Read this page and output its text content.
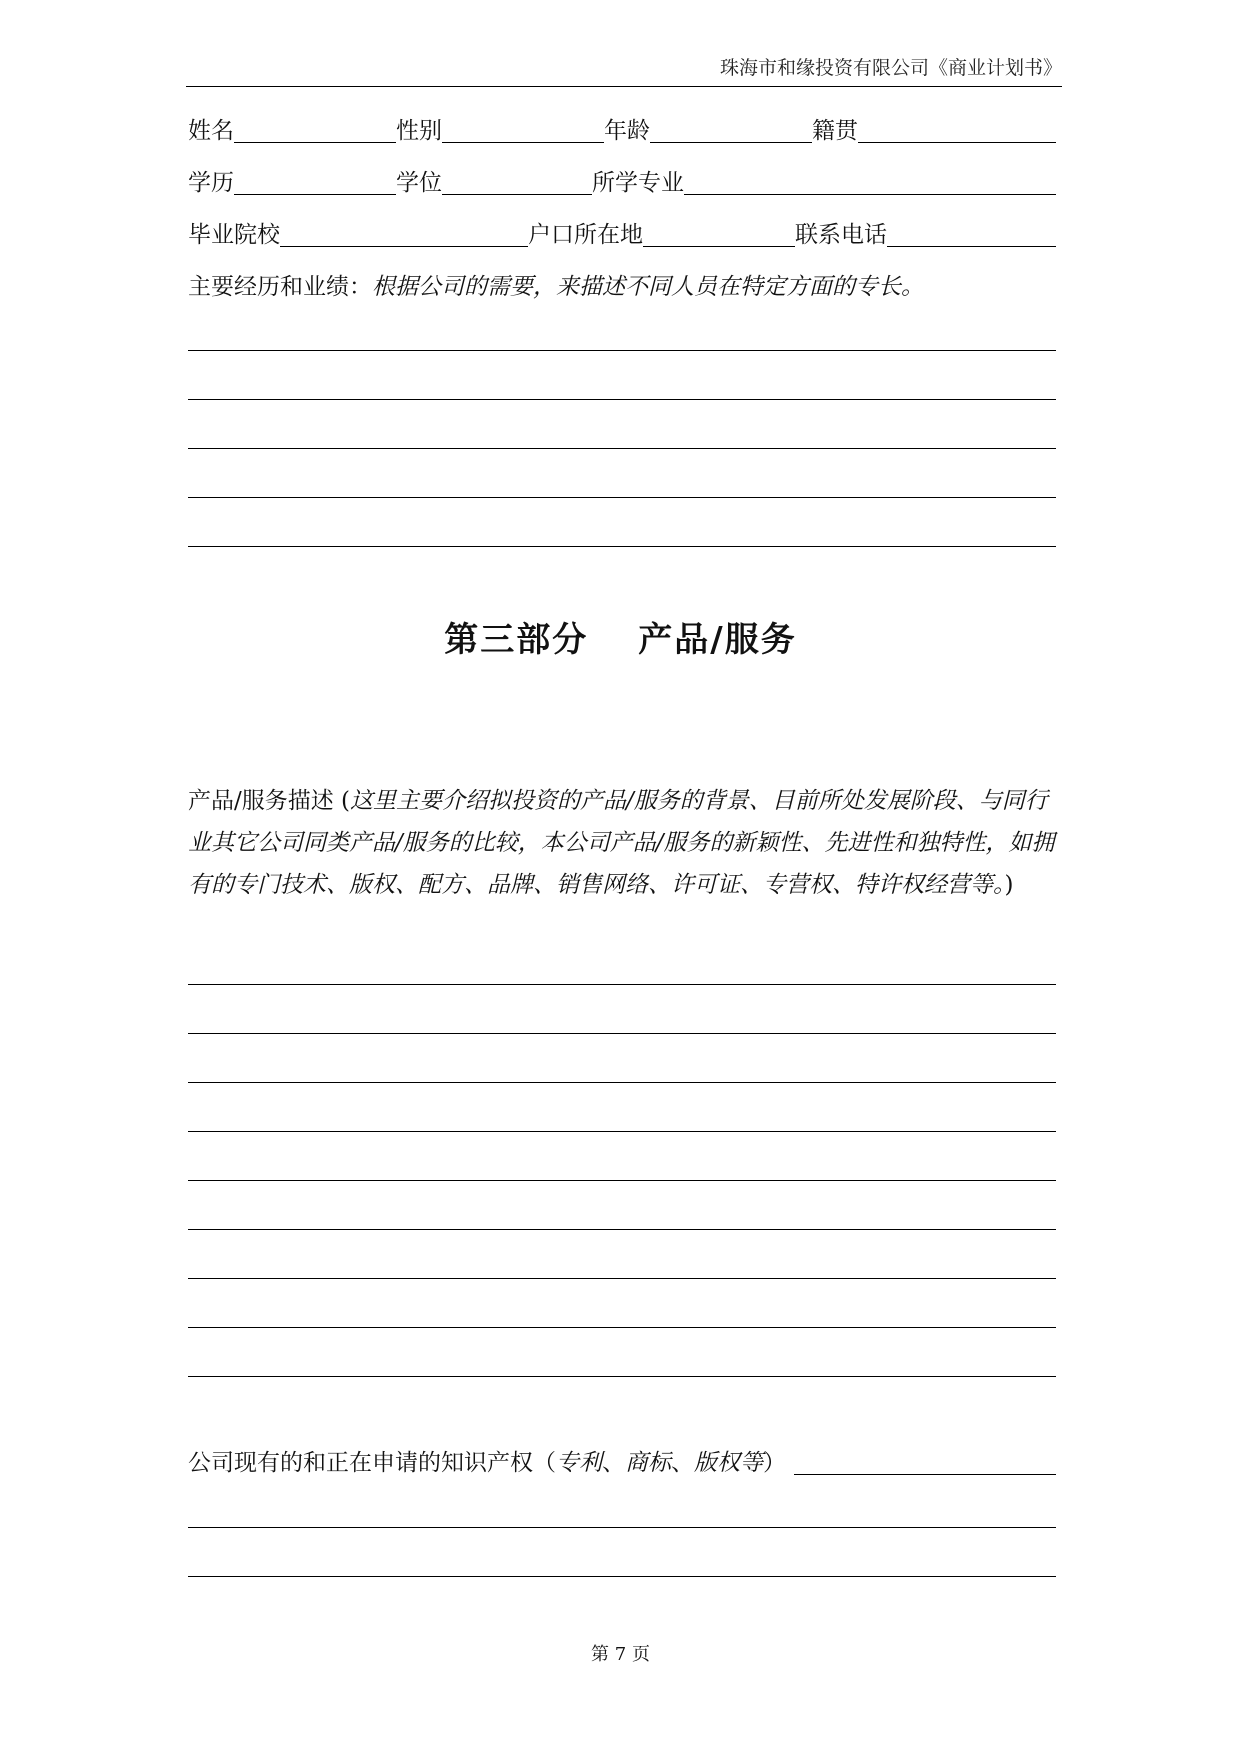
珠海市和缘投资有限公司《商业计划书》
姓名	性别	年龄	籍贯
学历	学位	所学专业
毕业院校	户口所在地	联系电话
主要经历和业绩： 根据公司的需要，来描述不同人员在特定方面的专长。
第三部分 产品/服务
产品/服务描述 (这里主要介绍拟投资的产品/服务的背景、目前所处发展阶段、与同行业其它公司同类产品/服务的比较，本公司产品/服务的新颖性、先进性和独特性，如拥有的专门技术、版权、配方、品牌、销售网络、许可证、专营权、特许权经营等。)
公司现有的和正在申请的知识产权（ 专利 、 商标 、 版权等 ）
第 7 页
